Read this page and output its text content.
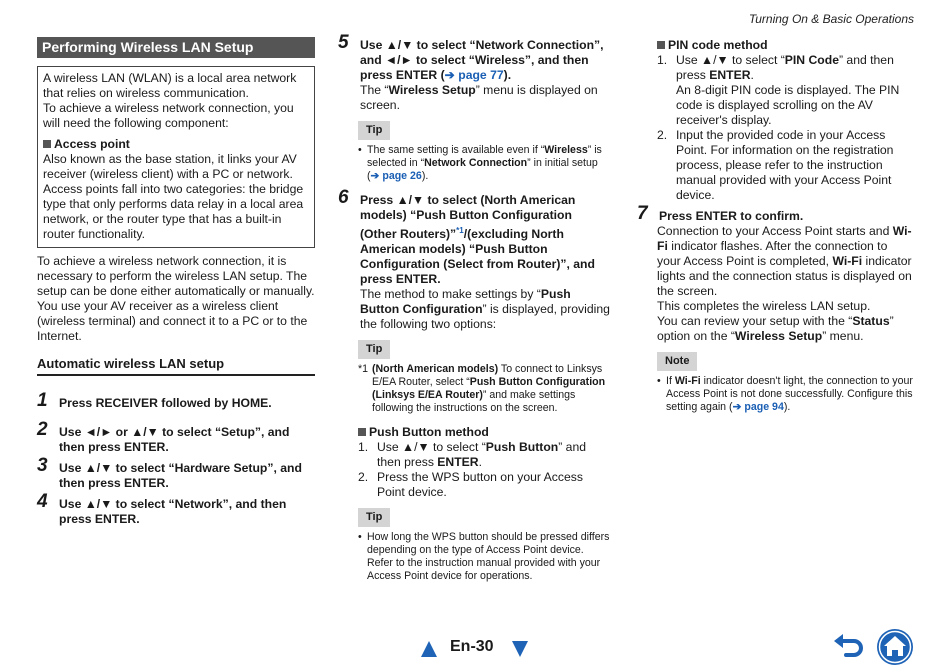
Turning On & Basic Operations
Performing Wireless LAN Setup

A wireless LAN (WLAN) is a local area network that relies on wireless communication.

To achieve a wireless network connection, you will need the following component:

Access point

Also known as the base station, it links your AV receiver (wireless client) with a PC or network. Access points fall into two categories: the bridge type that only performs data relay in a local area network, or the router type that has a built-in router functionality.

To achieve a wireless network connection, it is necessary to perform the wireless LAN setup. The setup can be done either automatically or manually.

You use your AV receiver as a wireless client (wireless terminal) and connect it to a PC or to the Internet.

Automatic wireless LAN setup
1 Press RECEIVER followed by HOME.
2 Use ◄/► or ▲/▼ to select “Setup”, and then press ENTER.
3 Use ▲/▼ to select “Hardware Setup”, and then press ENTER.
4 Use ▲/▼ to select “Network”, and then press ENTER.
5 Use ▲/▼ to select “Network Connection”, and ◄/► to select “Wireless”, and then press ENTER (➔ page 77).

The “Wireless Setup” menu is displayed on screen.

Tip
• The same setting is available even if “Wireless” is selected in “Network Connection” in initial setup (➔ page 26).
6 Press ▲/▼ to select (North American models) “Push Button Configuration (Other Routers)”$^{*1}$/(excluding North American models) “Push Button Configuration (Select from Router)”, and press ENTER.

The method to make settings by “Push Button Configuration” is displayed, providing the following two options:

Tip
*1 (North American models) To connect to Linksys E/EA Router, select “Push Button Configuration (Linksys E/EA Router)” and make settings following the instructions on the screen.

Push Button method

1. Use ▲/▼ to select “Push Button” and then press ENTER.
2. Press the WPS button on your Access Point device.
Tip
• How long the WPS button should be pressed differs depending on the type of Access Point device. Refer to the instruction manual provided with your Access Point device for operations.

PIN code method

1. Use ▲/▼ to select “PIN Code” and then press ENTER.
An 8-digit PIN code is displayed. The PIN code is displayed scrolling on the AV receiver's display.
2. Input the provided code in your Access Point. For information on the registration process, please refer to the instruction manual provided with your Access Point device.
7 Press ENTER to confirm.

Connection to your Access Point starts and Wi-Fi indicator flashes. After the connection to your Access Point is completed, Wi-Fi indicator lights and the connection status is displayed on the screen.

This completes the wireless LAN setup.

You can review your setup with the “Status” option on the “Wireless Setup” menu.

Note
• If Wi-Fi indicator doesn't light, the connection to your Access Point is not done successfully. Configure this setting again (➔ page 94).
En-30
